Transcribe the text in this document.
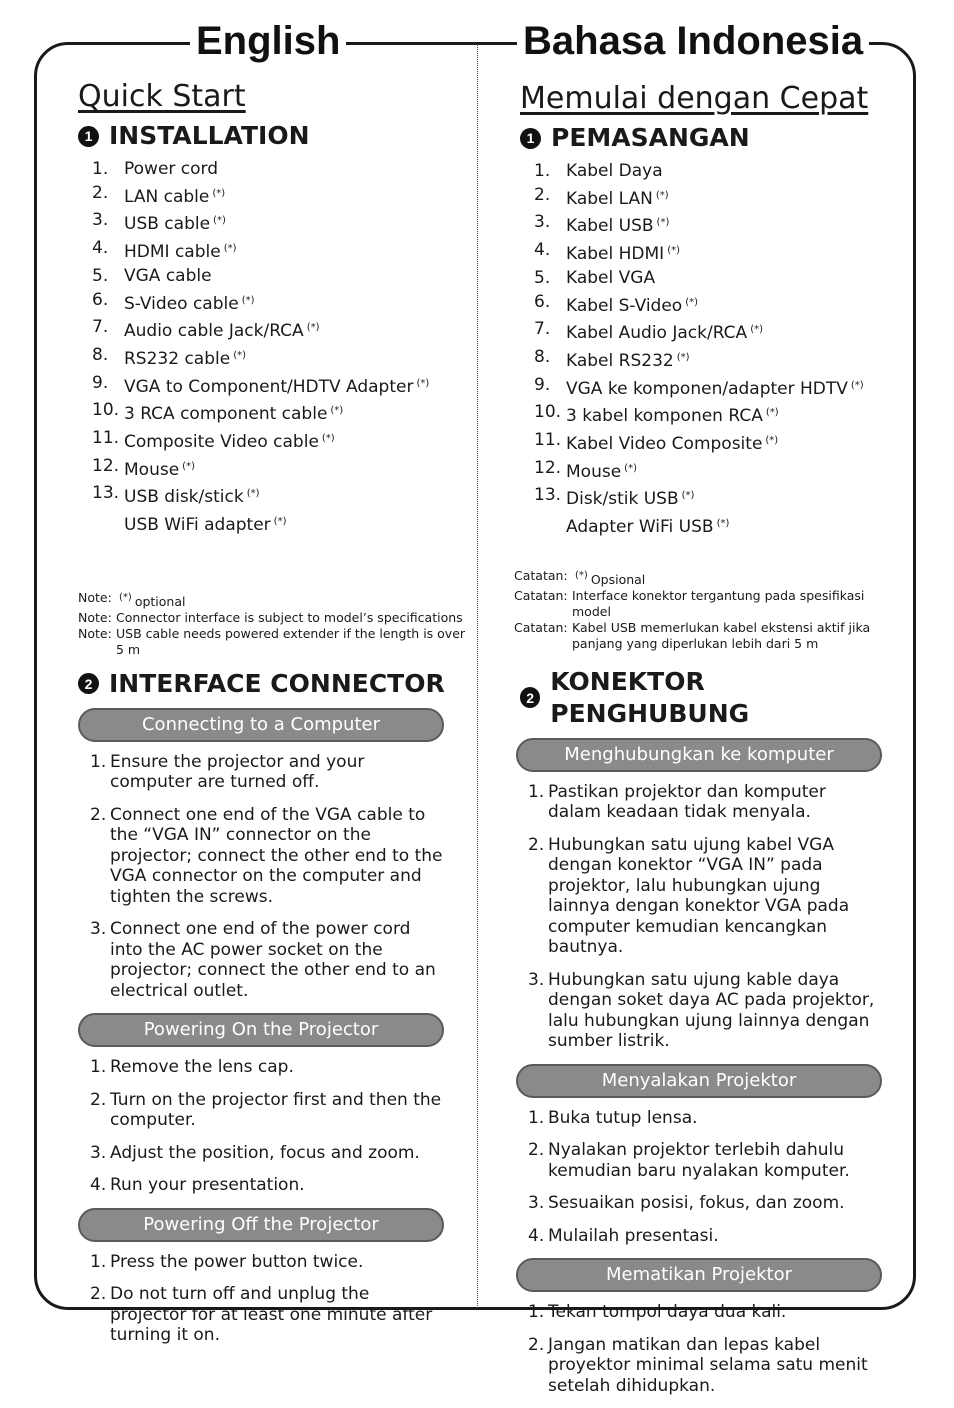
English	Bahasa Indonesia
Quick Start
1 INSTALLATION
1. Power cord
2. LAN cable (*)
3. USB cable (*)
4. HDMI cable (*)
5. VGA cable
6. S-Video cable (*)
7. Audio cable Jack/RCA (*)
8. RS232 cable (*)
9. VGA to Component/HDTV Adapter (*)
10. 3 RCA component cable (*)
11. Composite Video cable (*)
12. Mouse (*)
13. USB disk/stick (*)
USB WiFi adapter (*)
Note: (*) optional
Note: Connector interface is subject to model’s specifications
Note: USB cable needs powered extender if the length is over 5 m
2 INTERFACE CONNECTOR
Connecting to a Computer
1. Ensure the projector and your computer are turned off.
2. Connect one end of the VGA cable to the “VGA IN” connector on the projector; connect the other end to the VGA connector on the computer and tighten the screws.
3. Connect one end of the power cord into the AC power socket on the projector; connect the other end to an electrical outlet.
Powering On the Projector
1. Remove the lens cap.
2. Turn on the projector first and then the computer.
3. Adjust the position, focus and zoom.
4. Run your presentation.
Powering Off the Projector
1. Press the power button twice.
2. Do not turn off and unplug the projector for at least one minute after turning it on.
Memulai dengan Cepat
1 PEMASANGAN
1. Kabel Daya
2. Kabel LAN (*)
3. Kabel USB (*)
4. Kabel HDMI (*)
5. Kabel VGA
6. Kabel S-Video (*)
7. Kabel Audio Jack/RCA (*)
8. Kabel RS232 (*)
9. VGA ke komponen/adapter HDTV (*)
10. 3 kabel komponen RCA (*)
11. Kabel Video Composite (*)
12. Mouse (*)
13. Disk/stik USB (*)
Adapter WiFi USB (*)
Catatan: (*) Opsional
Catatan: Interface konektor tergantung pada spesifikasi model
Catatan: Kabel USB memerlukan kabel ekstensi aktif jika panjang yang diperlukan lebih dari 5 m
2
KONEKTOR PENGHUBUNG
Menghubungkan ke komputer
1. Pastikan projektor dan komputer dalam keadaan tidak menyala.
2. Hubungkan satu ujung kabel VGA dengan konektor “VGA IN” pada projektor, lalu hubungkan ujung lainnya dengan konektor VGA pada computer kemudian kencangkan bautnya.
3. Hubungkan satu ujung kable daya dengan soket daya AC pada projektor, lalu hubungkan ujung lainnya dengan sumber listrik.
Menyalakan Projektor
1. Buka tutup lensa.
2. Nyalakan projektor terlebih dahulu kemudian baru nyalakan komputer.
3. Sesuaikan posisi, fokus, dan zoom.
4. Mulailah presentasi.
Mematikan Projektor
1. Tekan tompol daya dua kali.
2. Jangan matikan dan lepas kabel proyektor minimal selama satu menit setelah dihidupkan.
